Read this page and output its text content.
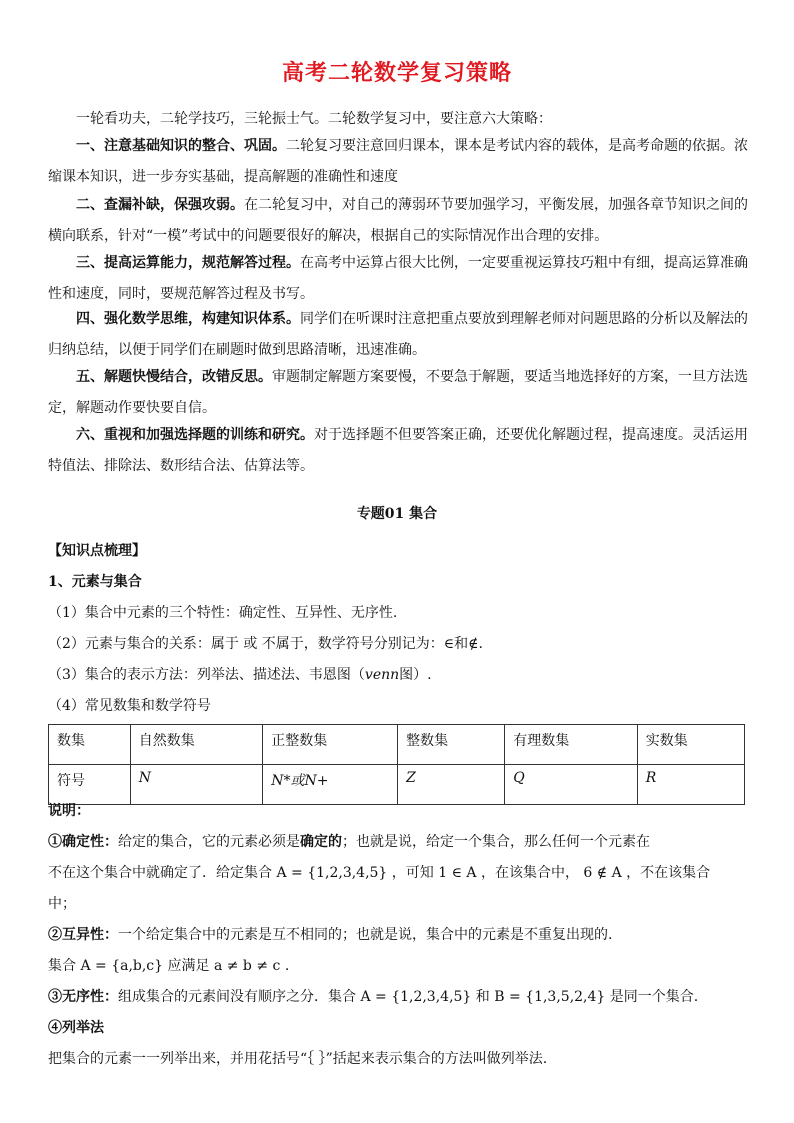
高考二轮数学复习策略
一轮看功夫，二轮学技巧，三轮振士气。二轮数学复习中，要注意六大策略：
一、注意基础知识的整合、巩固。二轮复习要注意回归课本，课本是考试内容的载体，是高考命题的依据。浓缩课本知识，进一步夯实基础，提高解题的准确性和速度
二、查漏补缺，保强攻弱。在二轮复习中，对自己的薄弱环节要加强学习，平衡发展，加强各章节知识之间的横向联系，针对“一模”考试中的问题要很好的解决，根据自己的实际情况作出合理的安排。
三、提高运算能力，规范解答过程。在高考中运算占很大比例，一定要重视运算技巧粗中有细，提高运算准确性和速度，同时，要规范解答过程及书写。
四、强化数学思维，构建知识体系。同学们在听课时注意把重点要放到理解老师对问题思路的分析以及解法的归纳总结，以便于同学们在刷题时做到思路清晰，迅速准确。
五、解题快慢结合，改错反思。审题制定解题方案要慢，不要急于解题，要适当地选择好的方案，一旦方法选定，解题动作要快要自信。
六、重视和加强选择题的训练和研究。对于选择题不但要答案正确，还要优化解题过程，提高速度。灵活运用特值法、排除法、数形结合法、估算法等。
专题01 集合
【知识点梳理】
1、元素与集合
（1）集合中元素的三个特性：确定性、互异性、无序性.
（2）元素与集合的关系：属于 或 不属于，数学符号分别记为：∈和∉.
（3）集合的表示方法：列举法、描述法、韦恩图（venn图）.
（4）常见数集和数学符号
数集	自然数集	正整数集	整数集	有理数集	实数集
符号	N	N*或N+	Z	Q	R
说明：
①确定性：给定的集合，它的元素必须是确定的；也就是说，给定一个集合，那么任何一个元素在
不在这个集合中就确定了．给定集合 A = {1,2,3,4,5} ，可知 1 ∈ A ，在该集合中， 6 ∉ A ，不在该集合
中；
②互异性：一个给定集合中的元素是互不相同的；也就是说，集合中的元素是不重复出现的.
集合 A = {a,b,c} 应满足 a ≠ b ≠ c .
③无序性：组成集合的元素间没有顺序之分．集合 A = {1,2,3,4,5} 和 B = {1,3,5,2,4} 是同一个集合.
④列举法
把集合的元素一一列举出来，并用花括号“｛ ｝”括起来表示集合的方法叫做列举法.
